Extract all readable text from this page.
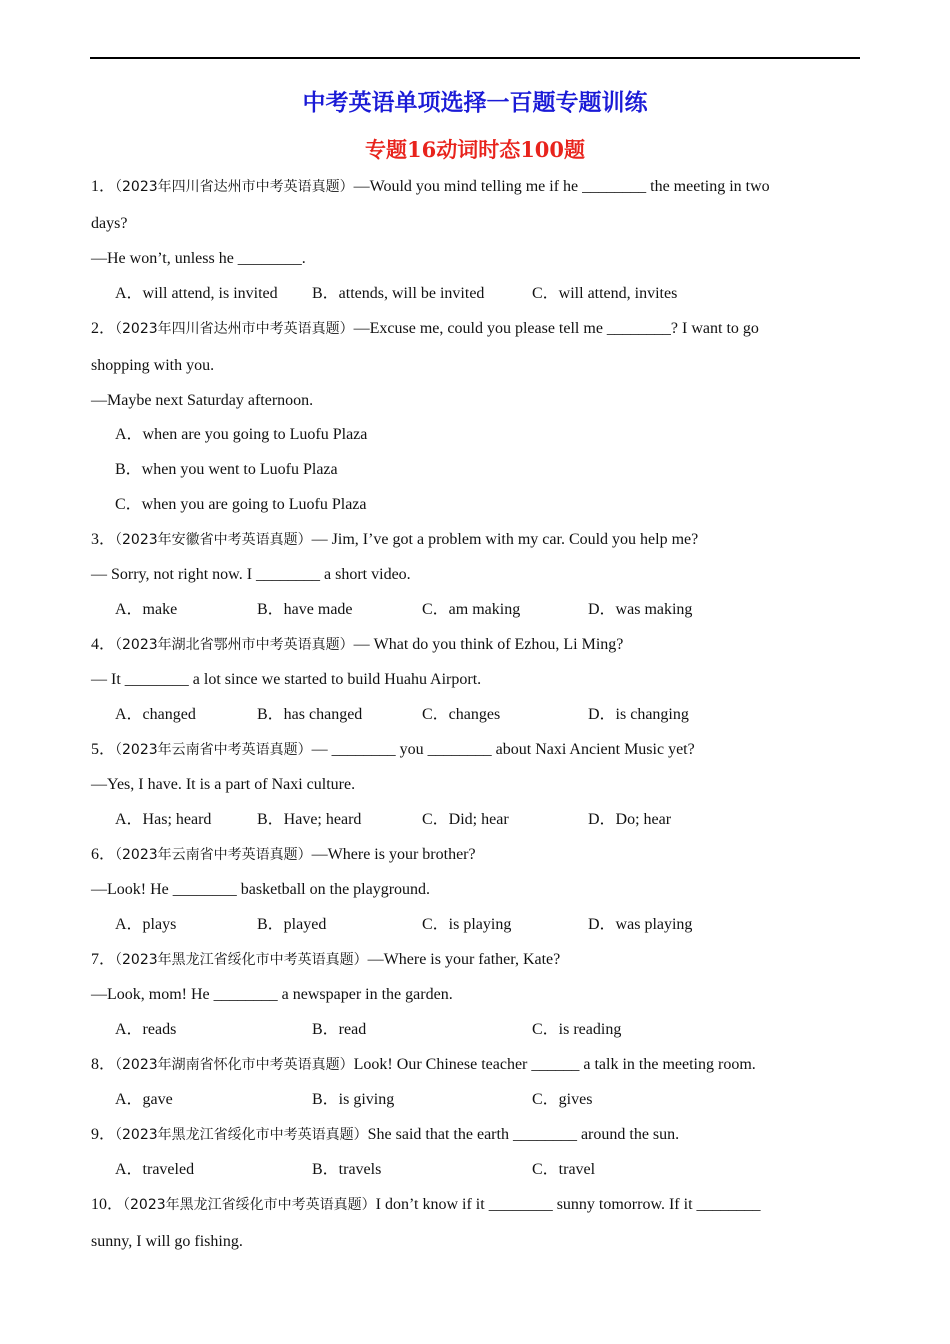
中考英语单项选择一百题专题训练
专题16动词时态100题
1．（2023年四川省达州市中考英语真题）—Would you mind telling me if he ________ the meeting in two
days?
—He won’t, unless he ________.
A．will attend, is invited B．attends, will be invited	C．will attend, invites
2．（2023年四川省达州市中考英语真题）—Excuse me, could you please tell me ________? I want to go
shopping with you.
—Maybe next Saturday afternoon.
A．when are you going to Luofu Plaza
B．when you went to Luofu Plaza
C．when you are going to Luofu Plaza
3．（2023年安徽省中考英语真题）— Jim, I’ve got a problem with my car. Could you help me?
— Sorry, not right now. I ________ a short video.
A．make	B．have made	C．am making	D．was making
4．（2023年湖北省鄂州市中考英语真题）— What do you think of Ezhou, Li Ming?
— It ________ a lot since we started to build Huahu Airport.
A．changed	B．has changed	C．changes	D．is changing
5．（2023年云南省中考英语真题）— ________ you ________ about Naxi Ancient Music yet?
—Yes, I have. It is a part of Naxi culture.
A．Has; heard	B．Have; heard	C．Did; hear	D．Do; hear
6．（2023年云南省中考英语真题）—Where is your brother?
—Look! He ________ basketball on the playground.
A．plays	B．played	C．is playing	D．was playing
7．（2023年黑龙江省绥化市中考英语真题）—Where is your father, Kate?
—Look, mom! He ________ a newspaper in the garden.
A．reads	B．read	C．is reading
8．（2023年湖南省怀化市中考英语真题）Look! Our Chinese teacher ______ a talk in the meeting room.
A．gave	B．is giving	C．gives
9．（2023年黑龙江省绥化市中考英语真题）She said that the earth ________ around the sun.
A．traveled	B．travels	C．travel
10．（2023年黑龙江省绥化市中考英语真题）I don’t know if it ________ sunny tomorrow. If it ________
sunny, I will go fishing.
